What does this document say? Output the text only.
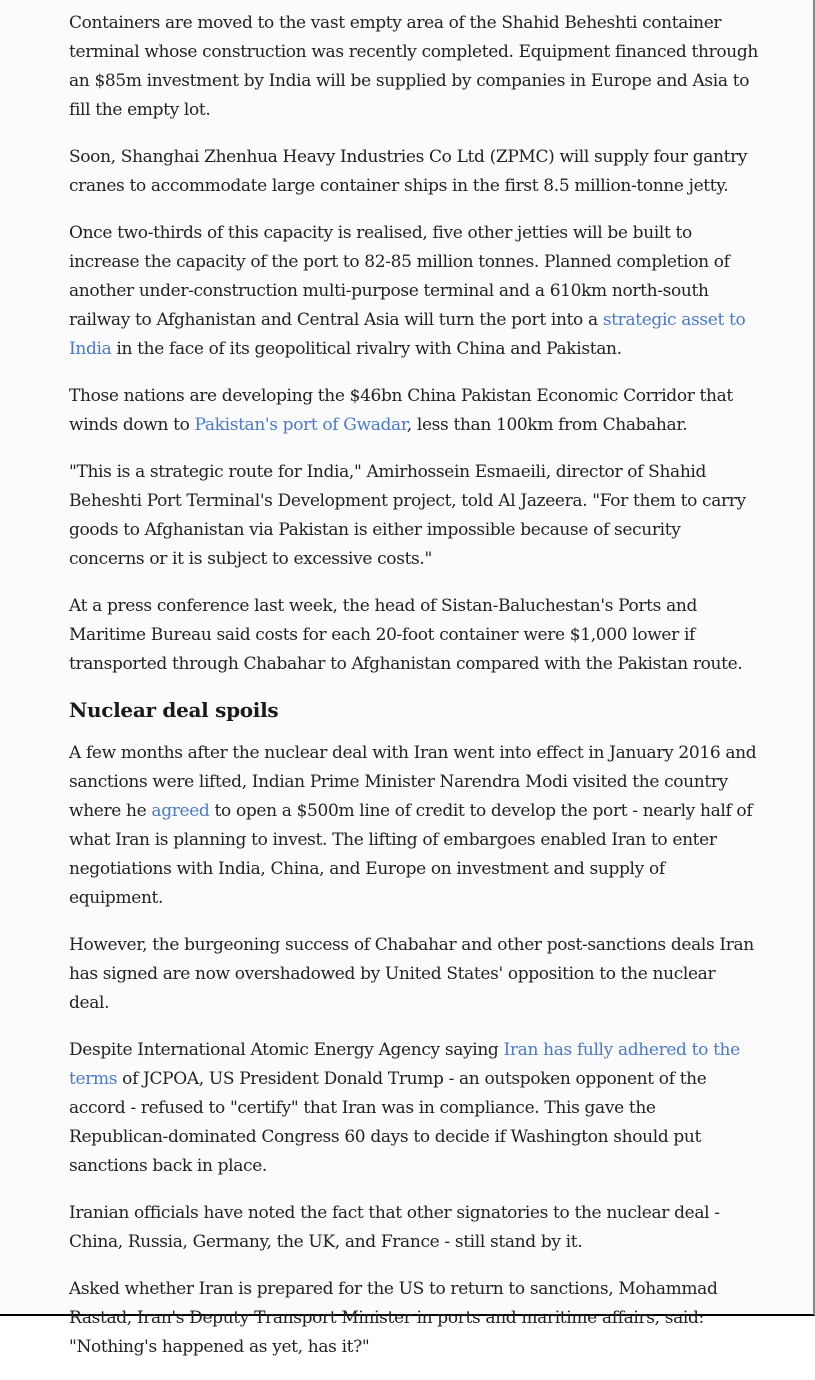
Containers are moved to the vast empty area of the Shahid Beheshti container terminal whose construction was recently completed. Equipment financed through an $85m investment by India will be supplied by companies in Europe and Asia to fill the empty lot.

Soon, Shanghai Zhenhua Heavy Industries Co Ltd (ZPMC) will supply four gantry cranes to accommodate large container ships in the first 8.5 million-tonne jetty.

Once two-thirds of this capacity is realised, five other jetties will be built to increase the capacity of the port to 82-85 million tonnes. Planned completion of another under-construction multi-purpose terminal and a 610km north-south railway to Afghanistan and Central Asia will turn the port into a strategic asset to India in the face of its geopolitical rivalry with China and Pakistan.

Those nations are developing the $46bn China Pakistan Economic Corridor that winds down to Pakistan's port of Gwadar, less than 100km from Chabahar.

"This is a strategic route for India," Amirhossein Esmaeili, director of Shahid Beheshti Port Terminal's Development project, told Al Jazeera. "For them to carry goods to Afghanistan via Pakistan is either impossible because of security concerns or it is subject to excessive costs."

At a press conference last week, the head of Sistan-Baluchestan's Ports and Maritime Bureau said costs for each 20-foot container were $1,000 lower if transported through Chabahar to Afghanistan compared with the Pakistan route.

Nuclear deal spoils

A few months after the nuclear deal with Iran went into effect in January 2016 and sanctions were lifted, Indian Prime Minister Narendra Modi visited the country where he agreed to open a $500m line of credit to develop the port - nearly half of what Iran is planning to invest. The lifting of embargoes enabled Iran to enter negotiations with India, China, and Europe on investment and supply of equipment.

However, the burgeoning success of Chabahar and other post-sanctions deals Iran has signed are now overshadowed by United States' opposition to the nuclear deal.

Despite International Atomic Energy Agency saying Iran has fully adhered to the terms of JCPOA, US President Donald Trump - an outspoken opponent of the accord - refused to "certify" that Iran was in compliance. This gave the Republican-dominated Congress 60 days to decide if Washington should put sanctions back in place.

Iranian officials have noted the fact that other signatories to the nuclear deal - China, Russia, Germany, the UK, and France - still stand by it.

Asked whether Iran is prepared for the US to return to sanctions, Mohammad Rastad, Iran's Deputy Transport Minister in ports and maritime affairs, said: "Nothing's happened as yet, has it?"
